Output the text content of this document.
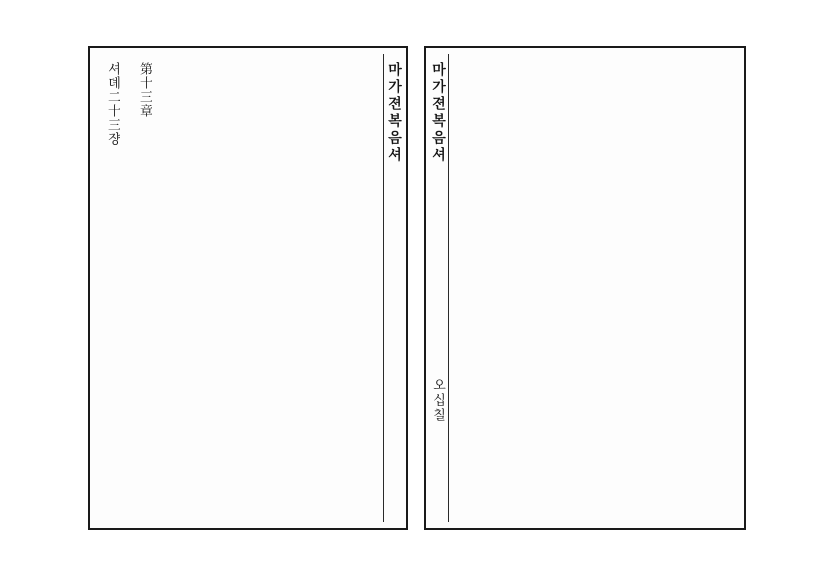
마가젼복음셔
第十三章
셔뎨二十三쟝	마가젼복음셔
오십칠
